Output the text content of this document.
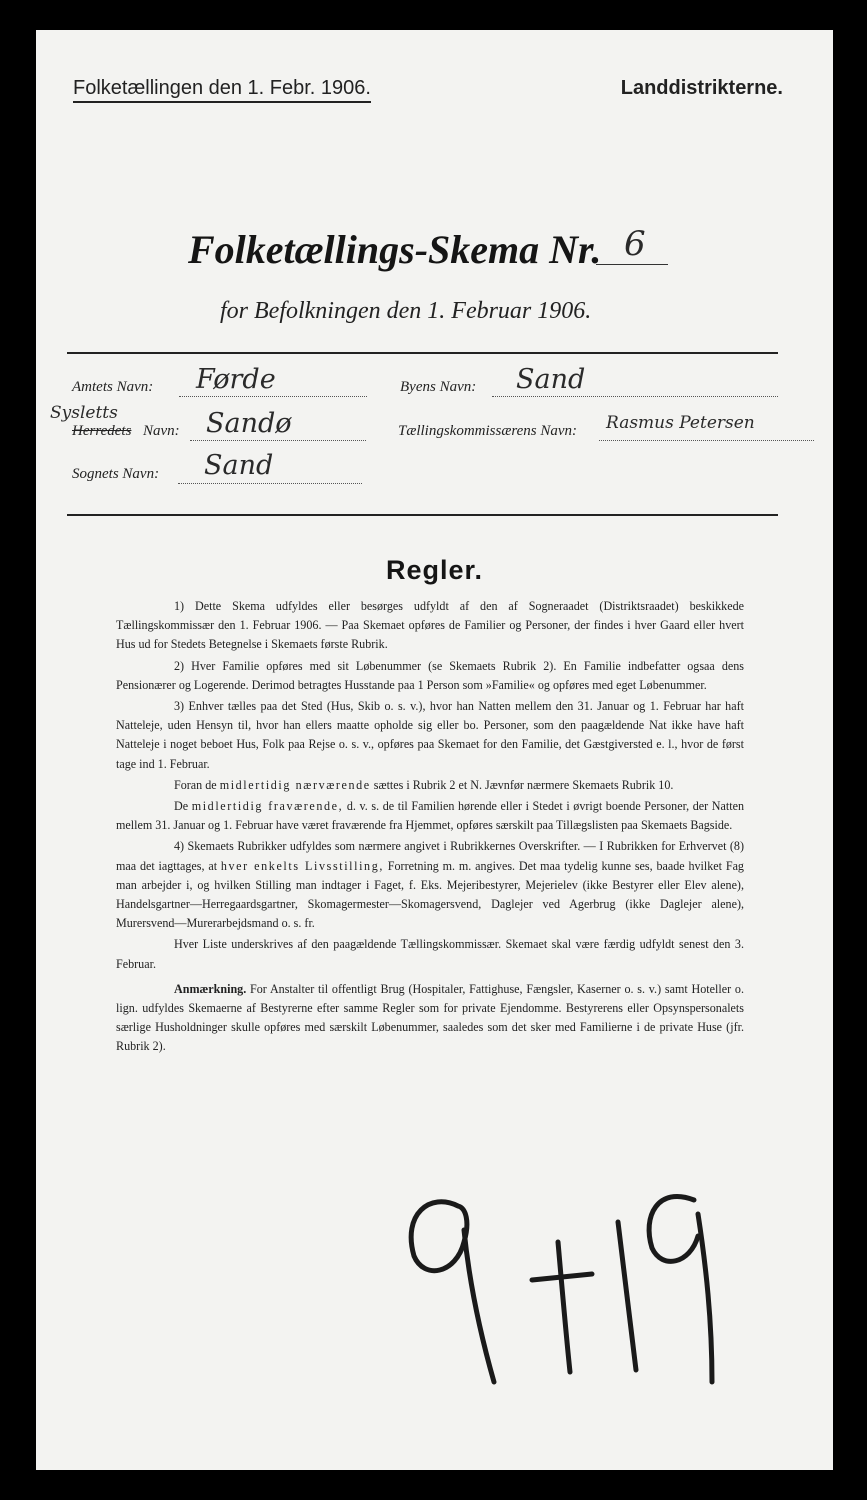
Folketællingen den 1. Febr. 1906.	Landdistrikterne.
Folketællings-Skema Nr. 6
for Befolkningen den 1. Februar 1906.
Amtets Navn: Førde	Byens Navn: Sand
Sysletts
Herredets Navn: Sandø	Tællingskommissærens Navn: Rasmus Petersen
Sognets Navn: Sand
Regler.

1) Dette Skema udfyldes eller besørges udfyldt af den af Sogneraadet (Distriktsraadet) beskikkede Tællingskommissær den 1. Februar 1906. — Paa Skemaet opføres de Familier og Personer, der findes i hver Gaard eller hvert Hus ud for Stedets Betegnelse i Skemaets første Rubrik.

2) Hver Familie opføres med sit Løbenummer (se Skemaets Rubrik 2). En Familie indbefatter ogsaa dens Pensionærer og Logerende. Derimod betragtes Husstande paa 1 Person som »Familie« og opføres med eget Løbenummer.

3) Enhver tælles paa det Sted (Hus, Skib o. s. v.), hvor han Natten mellem den 31. Januar og 1. Februar har haft Natteleje, uden Hensyn til, hvor han ellers maatte opholde sig eller bo. Personer, som den paagældende Nat ikke have haft Natteleje i noget beboet Hus, Folk paa Rejse o. s. v., opføres paa Skemaet for den Familie, det Gæstgiversted e. l., hvor de først tage ind 1. Februar.

Foran de midlertidig nærværende sættes i Rubrik 2 et N. Jævnfør nærmere Skemaets Rubrik 10.

De midlertidig fraværende, d. v. s. de til Familien hørende eller i Stedet i øvrigt boende Personer, der Natten mellem 31. Januar og 1. Februar have været fraværende fra Hjemmet, opføres særskilt paa Tillægslisten paa Skemaets Bagside.

4) Skemaets Rubrikker udfyldes som nærmere angivet i Rubrikkernes Overskrifter. — I Rubrikken for Erhvervet (8) maa det iagttages, at hver enkelts Livsstilling, Forretning m. m. angives. Det maa tydelig kunne ses, baade hvilket Fag man arbejder i, og hvilken Stilling man indtager i Faget, f. Eks. Mejeribestyrer, Mejerielev (ikke Bestyrer eller Elev alene), Handelsgartner—Herregaardsgartner, Skomagermester—Skomagersvend, Daglejer ved Agerbrug (ikke Daglejer alene), Murersvend—Murerarbejdsmand o. s. fr.

Hver Liste underskrives af den paagældende Tællingskommissær. Skemaet skal være færdig udfyldt senest den 3. Februar.

Anmærkning. For Anstalter til offentligt Brug (Hospitaler, Fattighuse, Fængsler, Kaserner o. s. v.) samt Hoteller o. lign. udfyldes Skemaerne af Bestyrerne efter samme Regler som for private Ejendomme. Bestyrerens eller Opsynspersonalets særlige Husholdninger skulle opføres med særskilt Løbenummer, saaledes som det sker med Familierne i de private Huse (jfr. Rubrik 2).
